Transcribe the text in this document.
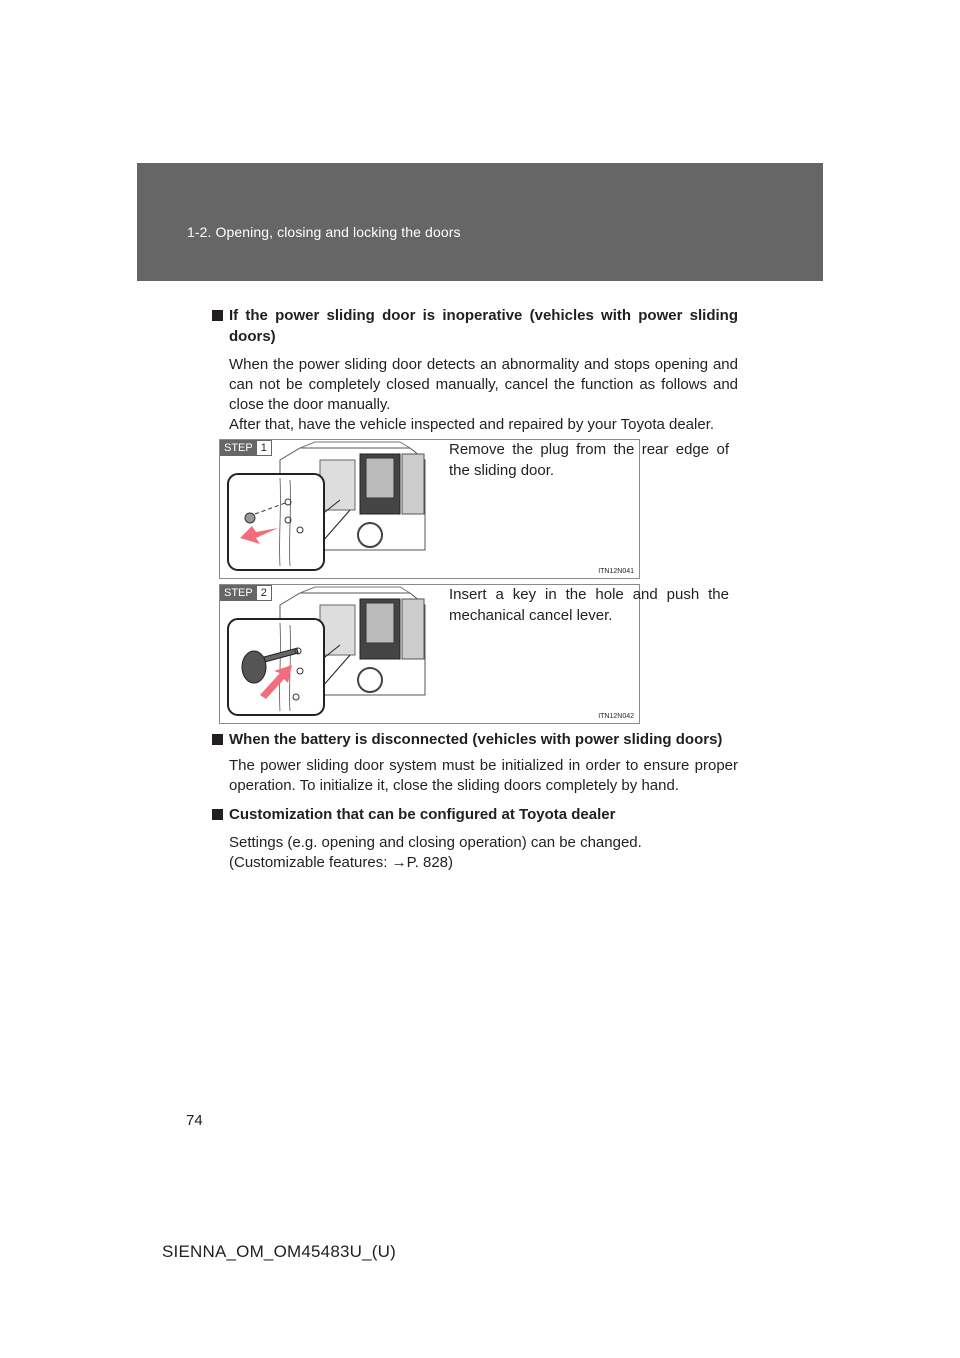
1-2. Opening, closing and locking the doors
If the power sliding door is inoperative (vehicles with power sliding doors)
When the power sliding door detects an abnormality and stops opening and can not be completely closed manually, cancel the function as follows and close the door manually.
After that, have the vehicle inspected and repaired by your Toyota dealer.
STEP 1
ITN12N041
Remove the plug from the rear edge of the sliding door.
STEP 2
ITN12N042
Insert a key in the hole and push the mechanical cancel lever.
When the battery is disconnected (vehicles with power sliding doors)
The power sliding door system must be initialized in order to ensure proper operation. To initialize it, close the sliding doors completely by hand.
Customization that can be configured at Toyota dealer
Settings (e.g. opening and closing operation) can be changed.
(Customizable features: →P. 828)
74
SIENNA_OM_OM45483U_(U)
